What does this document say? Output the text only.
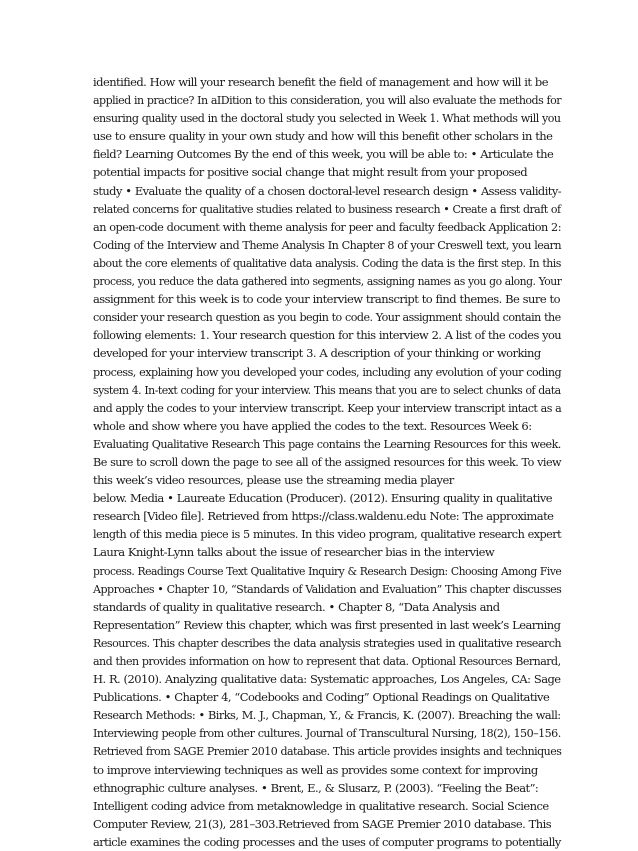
identified. How will your research benefit the field of management and how will it be
applied in practice? In aIDition to this consideration, you will also evaluate the methods for
ensuring quality used in the doctoral study you selected in Week 1. What methods will you
use to ensure quality in your own study and how will this benefit other scholars in the
field? Learning Outcomes By the end of this week, you will be able to: • Articulate the
potential impacts for positive social change that might result from your proposed
study • Evaluate the quality of a chosen doctoral-level research design • Assess validity-
related concerns for qualitative studies related to business research • Create a first draft of
an open-code document with theme analysis for peer and faculty feedback Application 2:
Coding of the Interview and Theme Analysis In Chapter 8 of your Creswell text, you learn
about the core elements of qualitative data analysis. Coding the data is the first step. In this
process, you reduce the data gathered into segments, assigning names as you go along. Your
assignment for this week is to code your interview transcript to find themes. Be sure to
consider your research question as you begin to code. Your assignment should contain the
following elements: 1. Your research question for this interview 2. A list of the codes you
developed for your interview transcript 3. A description of your thinking or working
process, explaining how you developed your codes, including any evolution of your coding
system 4. In-text coding for your interview. This means that you are to select chunks of data
and apply the codes to your interview transcript. Keep your interview transcript intact as a
whole and show where you have applied the codes to the text. Resources Week 6:
Evaluating Qualitative Research This page contains the Learning Resources for this week.
Be sure to scroll down the page to see all of the assigned resources for this week. To view
this week’s video resources, please use the streaming media player
below. Media • Laureate Education (Producer). (2012). Ensuring quality in qualitative
research [Video file]. Retrieved from https://class.waldenu.edu Note: The approximate
length of this media piece is 5 minutes. In this video program, qualitative research expert
Laura Knight-Lynn talks about the issue of researcher bias in the interview
process. Readings Course Text Qualitative Inquiry & Research Design: Choosing Among Five
Approaches • Chapter 10, “Standards of Validation and Evaluation” This chapter discusses
standards of quality in qualitative research. • Chapter 8, “Data Analysis and
Representation” Review this chapter, which was first presented in last week’s Learning
Resources. This chapter describes the data analysis strategies used in qualitative research
and then provides information on how to represent that data. Optional Resources Bernard,
H. R. (2010). Analyzing qualitative data: Systematic approaches, Los Angeles, CA: Sage
Publications. • Chapter 4, “Codebooks and Coding” Optional Readings on Qualitative
Research Methods: • Birks, M. J., Chapman, Y., & Francis, K. (2007). Breaching the wall:
Interviewing people from other cultures. Journal of Transcultural Nursing, 18(2), 150–156.
Retrieved from SAGE Premier 2010 database. This article provides insights and techniques
to improve interviewing techniques as well as provides some context for improving
ethnographic culture analyses. • Brent, E., & Slusarz, P. (2003). “Feeling the Beat”:
Intelligent coding advice from metaknowledge in qualitative research. Social Science
Computer Review, 21(3), 281–303.Retrieved from SAGE Premier 2010 database. This
article examines the coding processes and the uses of computer programs to potentially
